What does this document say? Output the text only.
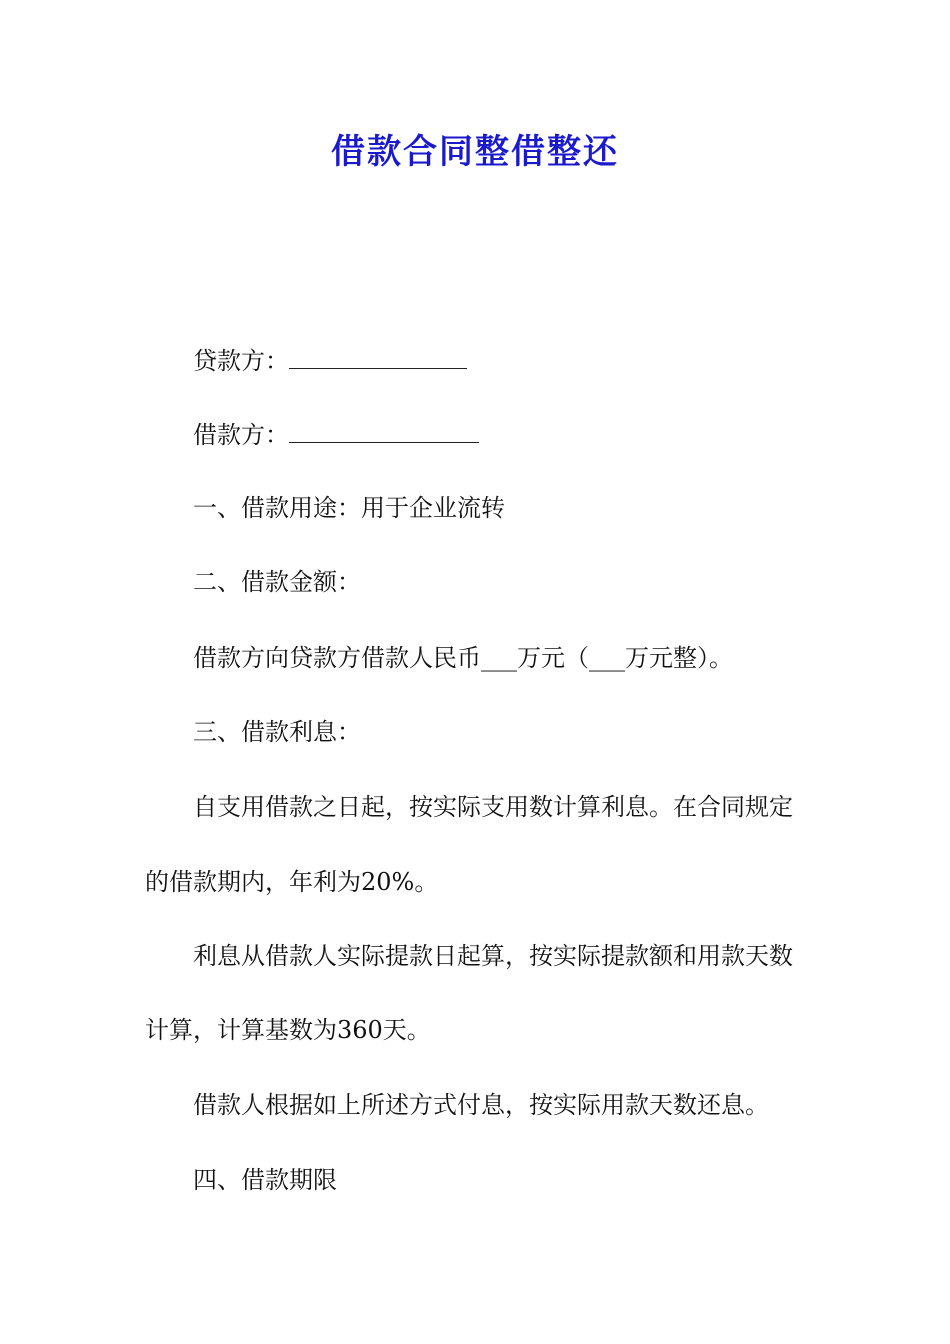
借款合同整借整还
贷款方：
借款方：
一、借款用途：用于企业流转
二、借款金额：
借款方向贷款方借款人民币___万元（___万元整）。
三、借款利息：
自支用借款之日起，按实际支用数计算利息。在合同规定
的借款期内，年利为20%。
利息从借款人实际提款日起算，按实际提款额和用款天数
计算，计算基数为360天。
借款人根据如上所述方式付息，按实际用款天数还息。
四、借款期限
